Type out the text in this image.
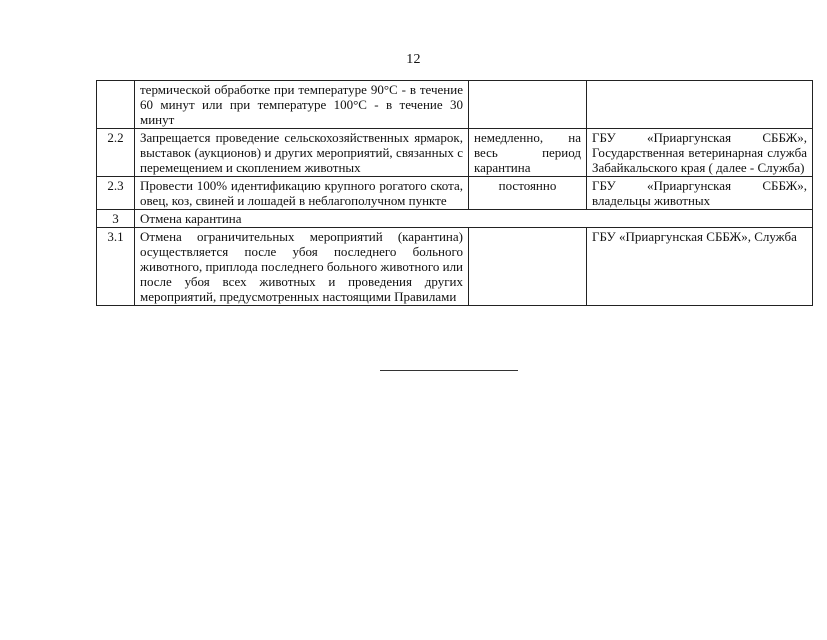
12
	термической обработке при температуре 90°С - в течение 60 минут или при температуре 100°С - в течение 30 минут		
2.2	Запрещается проведение сельскохозяйственных ярмарок, выставок (аукционов) и других мероприятий, связанных с перемещением и скоплением животных	немедленно, на весь период карантина	ГБУ «Приаргунская СББЖ», Государственная ветеринарная служба Забайкальского края ( далее - Служба)
2.3	Провести 100% идентификацию крупного рогатого скота, овец, коз, свиней и лошадей в неблагополучном пункте	постоянно	ГБУ «Приаргунская СББЖ», владельцы животных
3	Отмена карантина		
3.1	Отмена ограничительных мероприятий (карантина) осуществляется после убоя последнего больного животного, приплода последнего больного животного или после убоя всех животных и проведения других мероприятий, предусмотренных настоящими Правилами		ГБУ «Приаргунская СББЖ», Служба
